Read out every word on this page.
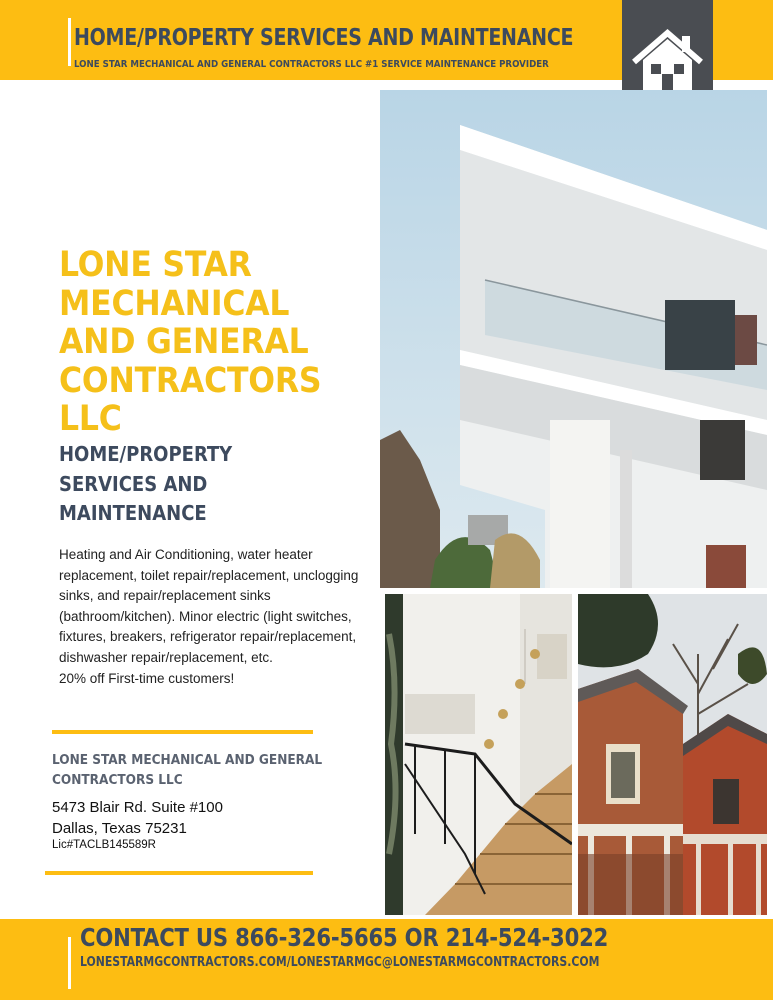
HOME/PROPERTY SERVICES AND MAINTENANCE
LONE STAR MECHANICAL AND GENERAL CONTRACTORS LLC #1 SERVICE MAINTENANCE PROVIDER
LONE STAR
MECHANICAL
AND GENERAL
CONTRACTORS
LLC
HOME/PROPERTY
SERVICES AND
MAINTENANCE
Heating and Air Conditioning, water heater replacement, toilet repair/replacement, unclogging sinks, and repair/replacement sinks (bathroom/kitchen). Minor electric (light switches, fixtures, breakers, refrigerator repair/replacement, dishwasher repair/replacement, etc.
20% off First-time customers!
LONE STAR MECHANICAL AND GENERAL
CONTRACTORS LLC
5473 Blair Rd. Suite #100
Dallas, Texas 75231
Lic#TACLB145589R
CONTACT US 866-326-5665 OR 214-524-3022
LONESTARMGCONTRACTORS.COM/LONESTARMGC@LONESTARMGCONTRACTORS.COM
